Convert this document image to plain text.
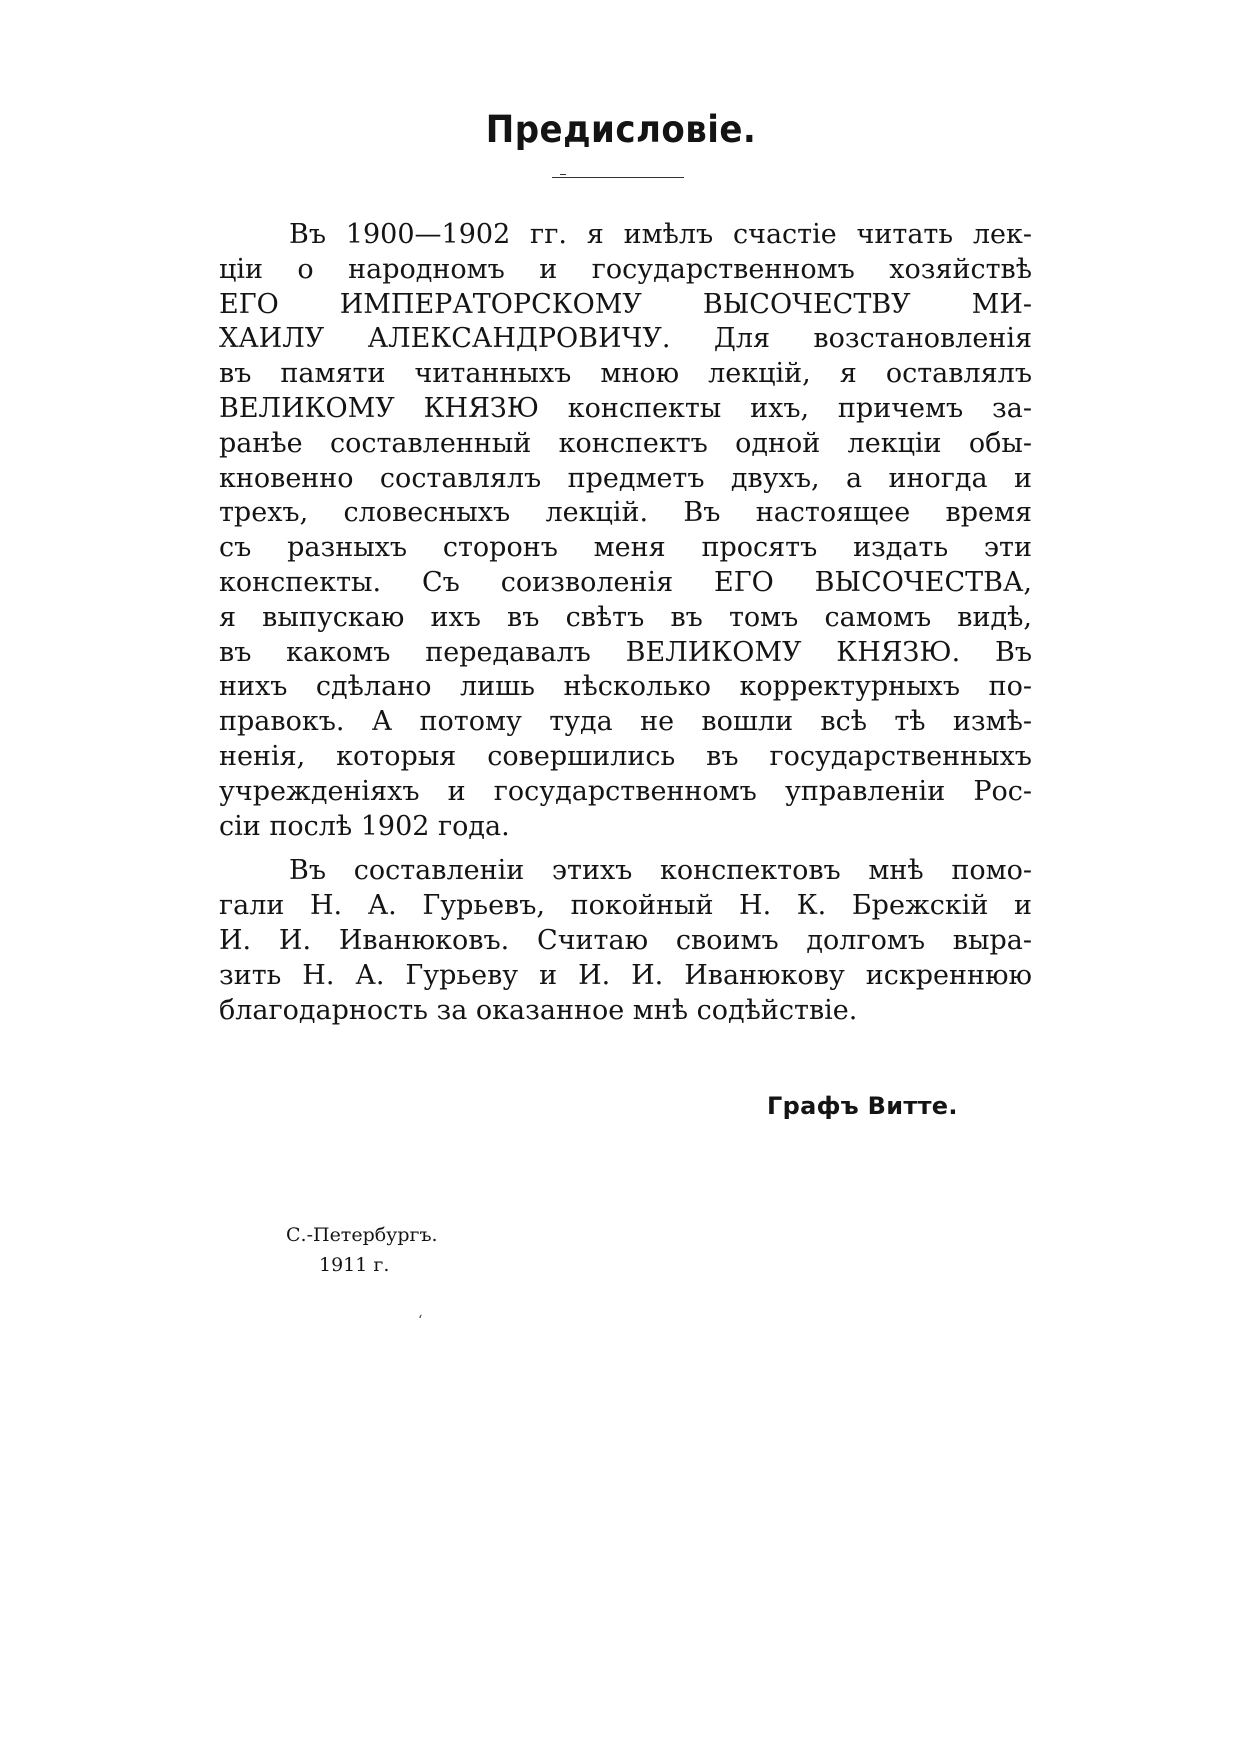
Предисловіе.
Въ 1900—1902 гг. я имѣлъ счастіе читать лек-
ціи о народномъ и государственномъ хозяйствѣ
ЕГО ИМПЕРАТОРСКОМУ ВЫСОЧЕСТВУ МИ-
ХАИЛУ АЛЕКСАНДРОВИЧУ. Для возстановленія
въ памяти читанныхъ мною лекцій, я оставлялъ
ВЕЛИКОМУ КНЯЗЮ конспекты ихъ, причемъ за-
ранѣе составленный конспектъ одной лекціи обы-
кновенно составлялъ предметъ двухъ, а иногда и
трехъ, словесныхъ лекцій. Въ настоящее время
съ разныхъ сторонъ меня просятъ издать эти
конспекты. Съ соизволенія ЕГО ВЫСОЧЕСТВА,
я выпускаю ихъ въ свѣтъ въ томъ самомъ видѣ,
въ какомъ передавалъ ВЕЛИКОМУ КНЯЗЮ. Въ
нихъ сдѣлано лишь нѣсколько корректурныхъ по-
правокъ. А потому туда не вошли всѣ тѣ измѣ-
ненія, которыя совершились въ государственныхъ
учрежденіяхъ и государственномъ управленіи Рос-
сіи послѣ 1902 года.
Въ составленіи этихъ конспектовъ мнѣ помо-
гали Н. А. Гурьевъ, покойный Н. К. Брежскій и
И. И. Иванюковъ. Считаю своимъ долгомъ выра-
зить Н. А. Гурьеву и И. И. Иванюкову искреннюю
благодарность за оказанное мнѣ содѣйствіе.
Графъ Витте.
С.-Петербургъ.
1911 г.
‘
